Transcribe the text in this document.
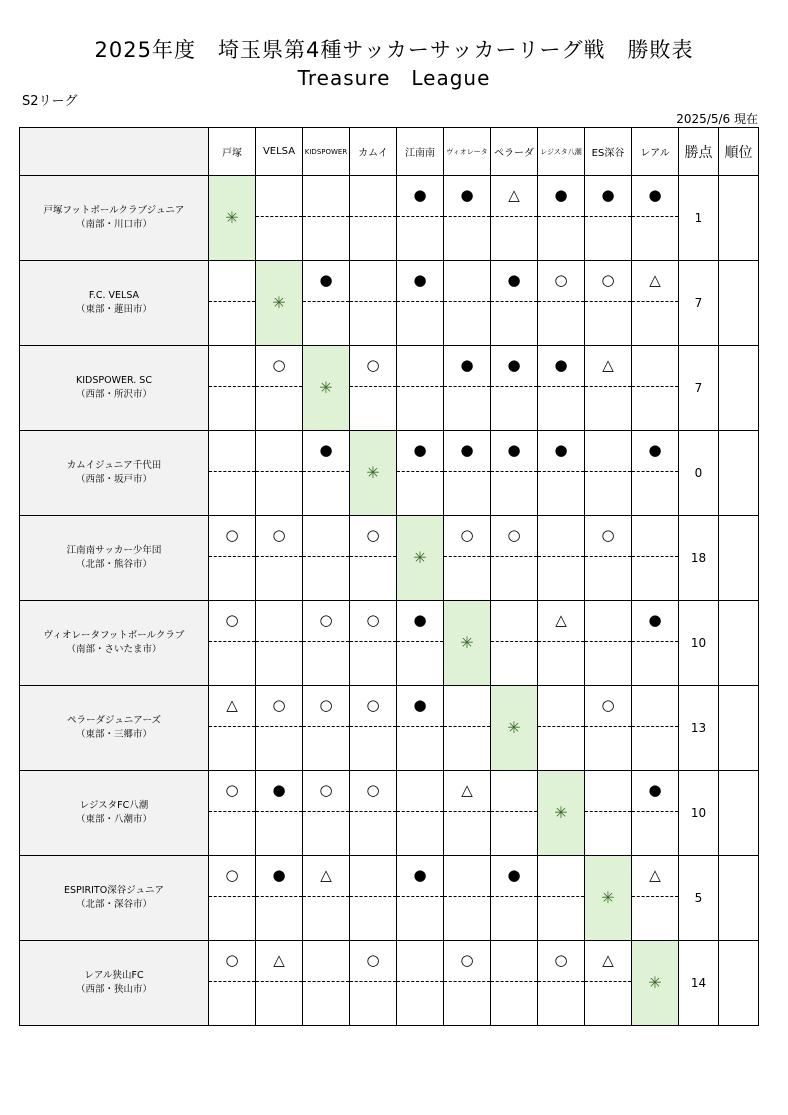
2025年度　埼玉県第4種サッカーサッカーリーグ戦　勝敗表
Treasure　League
S2リーグ
2025/5/6 現在
	戸塚	VELSA	KIDSPOWER	カムイ	江南南	ヴィオレータ	ペラーダ	レジスタ八潮	ES深谷	レアル	勝点	順位

戸塚フットボールクラブジュニア
（南部・川口市）	✳				●	●	△	●	●	●	1	

F.C. VELSA
（東部・蓮田市）		✳	●		●		●	○	○	△	7	

KIDSPOWER. SC
（西部・所沢市）		○	✳	○		●	●	●	△		7	

カムイジュニア千代田
（西部・坂戸市）			●	✳	●	●	●	●		●	0	

江南南サッカー少年団
（北部・熊谷市）	○	○		○	✳	○	○		○		18	

ヴィオレータフットボールクラブ
（南部・さいたま市）	○		○	○	●	✳		△		●	10	

ペラーダジュニアーズ
（東部・三郷市）	△	○	○	○	●		✳		○		13	

レジスタFC八潮
（東部・八潮市）	○	●	○	○		△		✳		●	10	

ESPIRITO深谷ジュニア
（北部・深谷市）	○	●	△		●		●		✳	△	5	

レアル狭山FC
（西部・狭山市）	○	△		○		○		○	△	✳	14	
